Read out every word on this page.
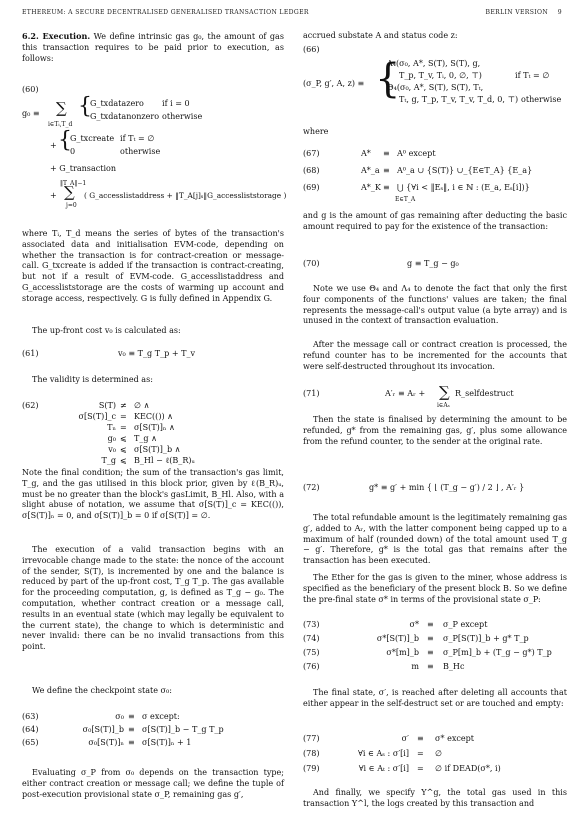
ETHEREUM: A SECURE DECENTRALISED GENERALISED TRANSACTION LEDGER	BERLIN VERSION 9

6.2. Execution. We define intrinsic gas g₀, the amount of gas this transaction requires to be paid prior to execution, as follows:

(60)
g₀ ≡ ∑
i∈Tᵢ,T_d
{
G_txdatazero if i = 0
G_txdatanonzero otherwise
+ {
G_txcreate if Tₜ = ∅
0	otherwise
+ G_transaction
‖T_A‖−1
+ ∑
j=0
( G_accesslistaddress + ‖T_A[j]ₛ‖G_accessliststorage )

where Tᵢ, T_d means the series of bytes of the transaction's associated data and initialisation EVM-code, depending on whether the transaction is for contract-creation or message-call. G_txcreate is added if the transaction is contract-creating, but not if a result of EVM-code. G_accesslistaddress and G_accessliststorage are the costs of warming up account and storage access, respectively. G is fully defined in Appendix G.

The up-front cost v₀ is calculated as:

(61)	v₀ ≡ T_g T_p + T_v

The validity is determined as:

(62)	S(T) ≠ ∅ ∧
σ[S(T)]_c = KEC(()) ∧
Tₙ = σ[S(T)]ₙ ∧
g₀ ⩽ T_g ∧
v₀ ⩽ σ[S(T)]_b ∧
T_g ⩽ B_Hl − ℓ(B_R)ᵤ

Note the final condition; the sum of the transaction's gas limit, T_g, and the gas utilised in this block prior, given by ℓ(B_R)ᵤ, must be no greater than the block's gasLimit, B_Hl. Also, with a slight abuse of notation, we assume that σ[S(T)]_c = KEC(()), σ[S(T)]ₙ = 0, and σ[S(T)]_b = 0 if σ[S(T)] = ∅.

The execution of a valid transaction begins with an irrevocable change made to the state: the nonce of the account of the sender, S(T), is incremented by one and the balance is reduced by part of the up-front cost, T_g T_p. The gas available for the proceeding computation, g, is defined as T_g − g₀. The computation, whether contract creation or a message call, results in an eventual state (which may legally be equivalent to the current state), the change to which is deterministic and never invalid: there can be no invalid transactions from this point.

We define the checkpoint state σ₀:

(63)	σ₀ ≡ σ except:
(64)	σ₀[S(T)]_b ≡ σ[S(T)]_b − T_g T_p
(65)	σ₀[S(T)]ₙ ≡ σ[S(T)]ₙ + 1

Evaluating σ_P from σ₀ depends on the transaction type; either contract creation or message call; we define the tuple of post-execution provisional state σ_P, remaining gas g′,

accrued substate A and status code z:

(66)
(σ_P, g′, A, z) ≡ {
Λ₄(σ₀, A*, S(T), S(T), g,
T_p, T_v, Tᵢ, 0, ∅, ⊤)	if Tₜ = ∅
Θ₄(σ₀, A*, S(T), S(T), Tₜ,
Tₜ, g, T_p, T_v, T_v, T_d, 0, ⊤) otherwise

where

(67)	A* ≡ A⁰ except
(68)	A*_a ≡ A⁰_a ∪ {S(T)} ∪_{E∈T_A} {E_a}
(69)	A*_K ≡ ⋃ {∀i < ‖Eₛ‖, i ∈ ℕ : (E_a, Eₛ[i])}
E∈T_A

and g is the amount of gas remaining after deducting the basic amount required to pay for the existence of the transaction:

(70)	g ≡ T_g − g₀

Note we use Θ₄ and Λ₄ to denote the fact that only the first four components of the functions' values are taken; the final represents the message-call's output value (a byte array) and is unused in the context of transaction evaluation.

After the message call or contract creation is processed, the refund counter has to be incremented for the accounts that were self-destructed throughout its invocation.

(71)	A′ᵣ ≡ Aᵣ + ∑
i∈Aₛ
R_selfdestruct

Then the state is finalised by determining the amount to be refunded, g* from the remaining gas, g′, plus some allowance from the refund counter, to the sender at the original rate.

(72)	g* ≡ g′ + min { ⌊ (T_g − g′) / 2 ⌋ , A′ᵣ }

The total refundable amount is the legitimately remaining gas g′, added to Aᵣ, with the latter component being capped up to a maximum of half (rounded down) of the total amount used T_g − g′. Therefore, g* is the total gas that remains after the transaction has been executed.

The Ether for the gas is given to the miner, whose address is specified as the beneficiary of the present block B. So we define the pre-final state σ* in terms of the provisional state σ_P:

(73)	σ* ≡ σ_P except
(74)	σ*[S(T)]_b ≡ σ_P[S(T)]_b + g* T_p
(75)	σ*[m]_b ≡ σ_P[m]_b + (T_g − g*) T_p
(76)	m ≡ B_Hc

The final state, σ′, is reached after deleting all accounts that either appear in the self-destruct set or are touched and empty:

(77)	σ′ ≡ σ* except
(78)	∀i ∈ Aₛ : σ′[i] = ∅
(79)	∀i ∈ Aₜ : σ′[i] = ∅ if DEAD(σ*, i)

And finally, we specify Υ^g, the total gas used in this transaction Υ^l, the logs created by this transaction and
